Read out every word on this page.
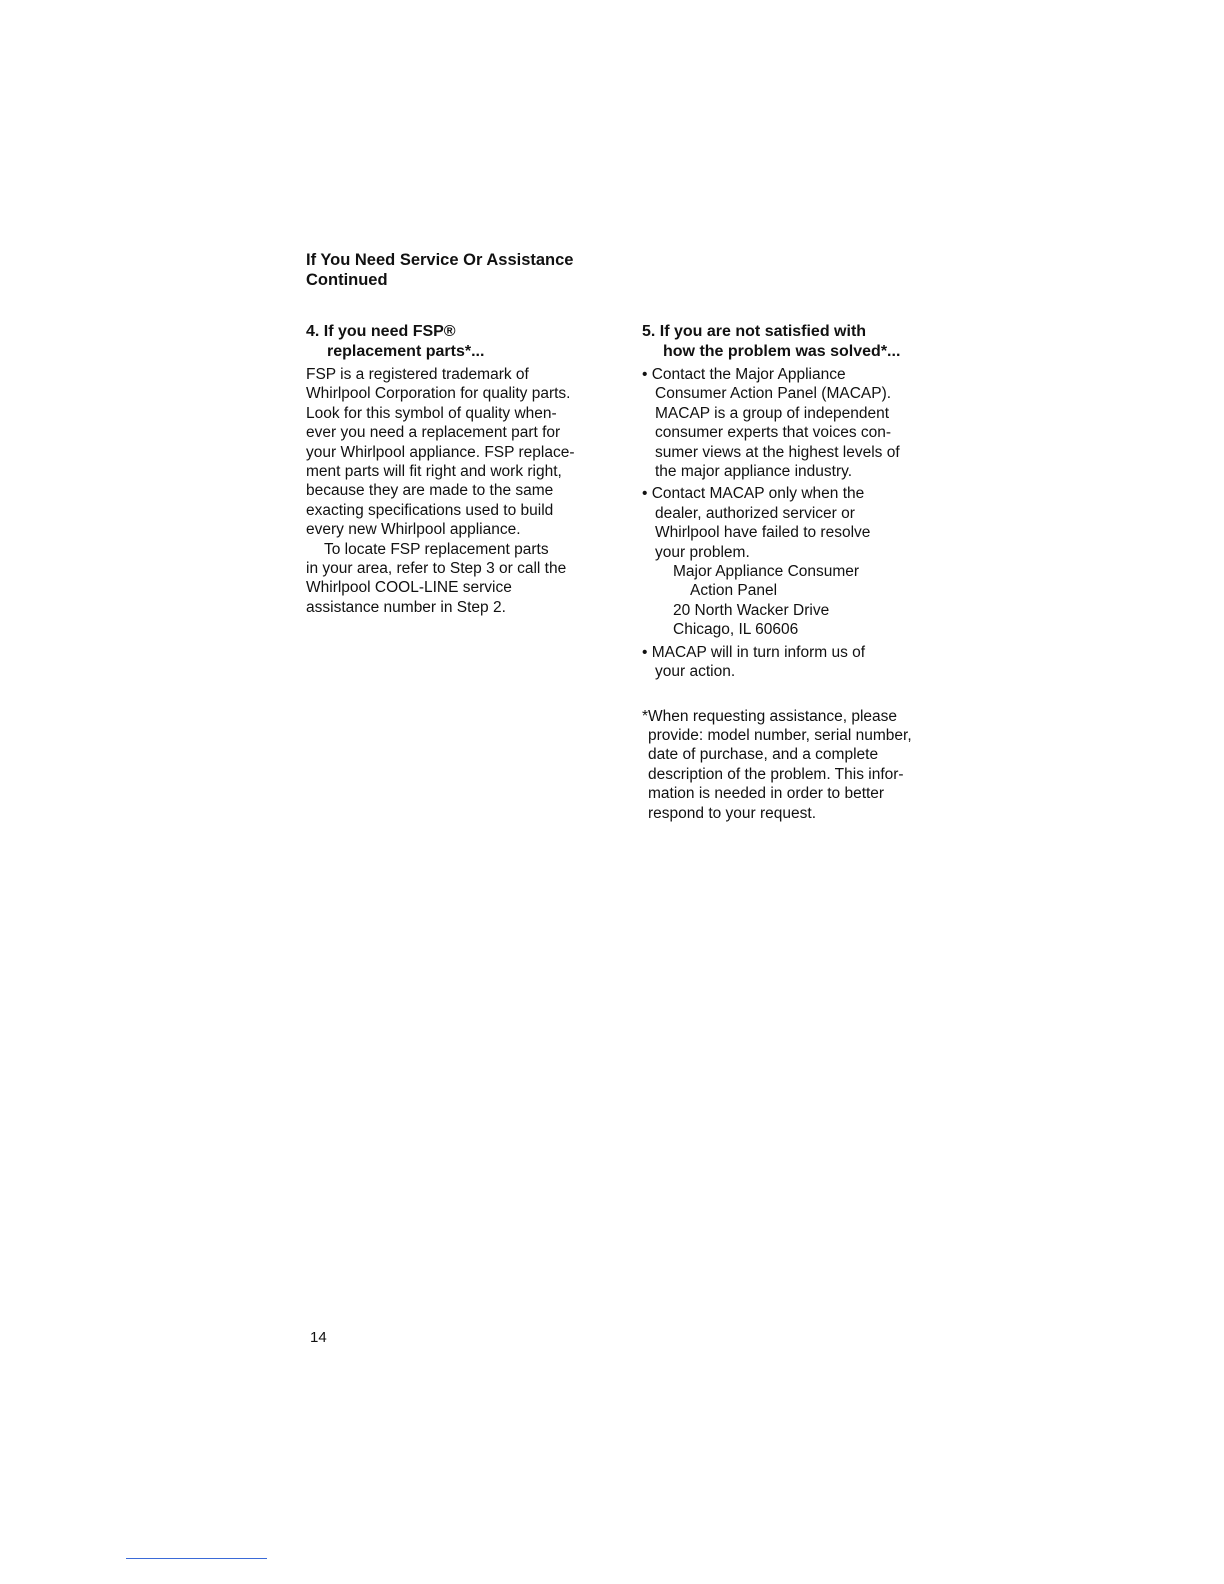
If You Need Service Or Assistance
Continued
4. If you need FSP®
replacement parts*...
FSP is a registered trademark of
Whirlpool Corporation for quality parts.
Look for this symbol of quality when-
ever you need a replacement part for
your Whirlpool appliance. FSP replace-
ment parts will fit right and work right,
because they are made to the same
exacting specifications used to build
every new Whirlpool appliance.
To locate FSP replacement parts
in your area, refer to Step 3 or call the
Whirlpool COOL-LINE service
assistance number in Step 2.
5. If you are not satisfied with
how the problem was solved*...
• Contact the Major Appliance
Consumer Action Panel (MACAP).
MACAP is a group of independent
consumer experts that voices con-
sumer views at the highest levels of
the major appliance industry.
• Contact MACAP only when the
dealer, authorized servicer or
Whirlpool have failed to resolve
your problem.
Major Appliance Consumer
Action Panel
20 North Wacker Drive
Chicago, IL 60606
• MACAP will in turn inform us of
your action.
*When requesting assistance, please
provide: model number, serial number,
date of purchase, and a complete
description of the problem. This infor-
mation is needed in order to better
respond to your request.
14
